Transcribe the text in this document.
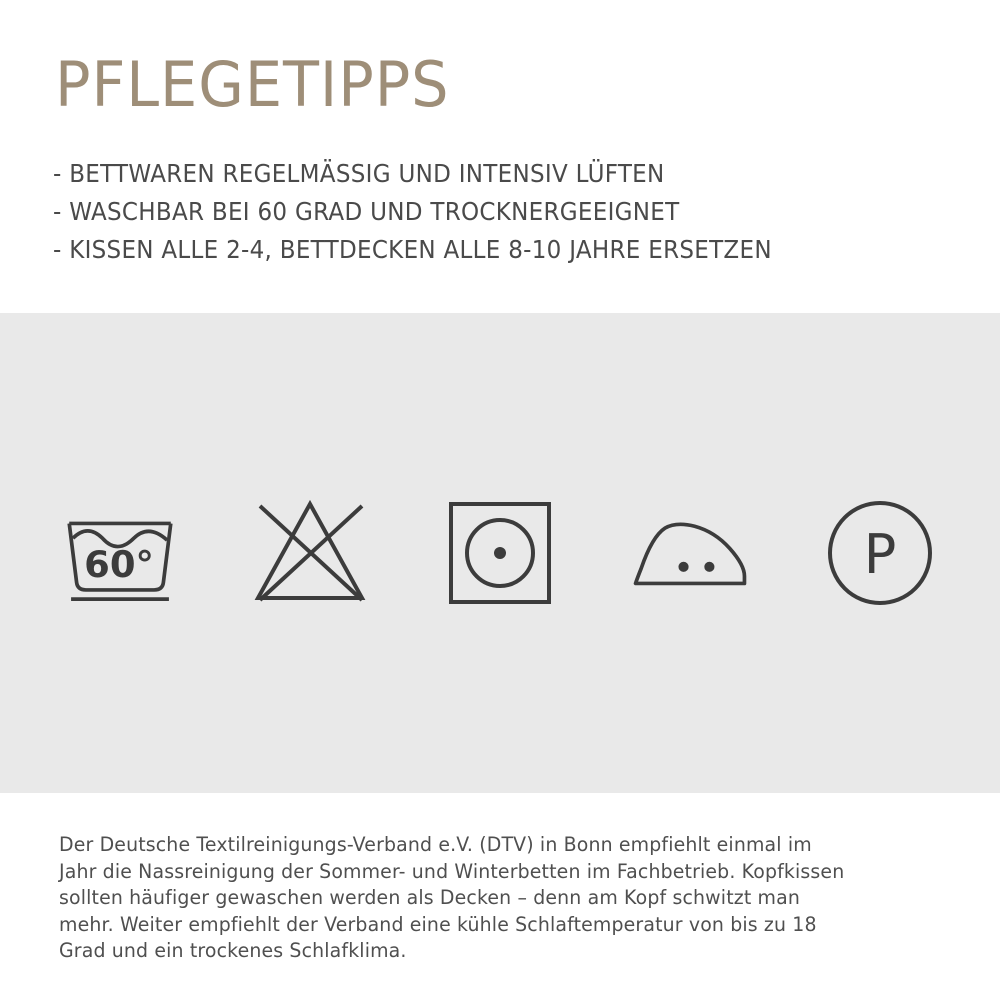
PFLEGETIPPS
- BETTWAREN REGELMÄSSIG UND INTENSIV LÜFTEN
- WASCHBAR BEI 60 GRAD UND TROCKNERGEEIGNET
- KISSEN ALLE 2-4, BETTDECKEN ALLE 8-10 JAHRE ERSETZEN
60°	P
Der Deutsche Textilreinigungs-Verband e.V. (DTV) in Bonn empfiehlt einmal im Jahr die Nassreinigung der Sommer- und Winterbetten im Fachbetrieb. Kopfkissen sollten häufiger gewaschen werden als Decken – denn am Kopf schwitzt man mehr. Weiter empfiehlt der Verband eine kühle Schlaftemperatur von bis zu 18 Grad und ein trockenes Schlafklima.
